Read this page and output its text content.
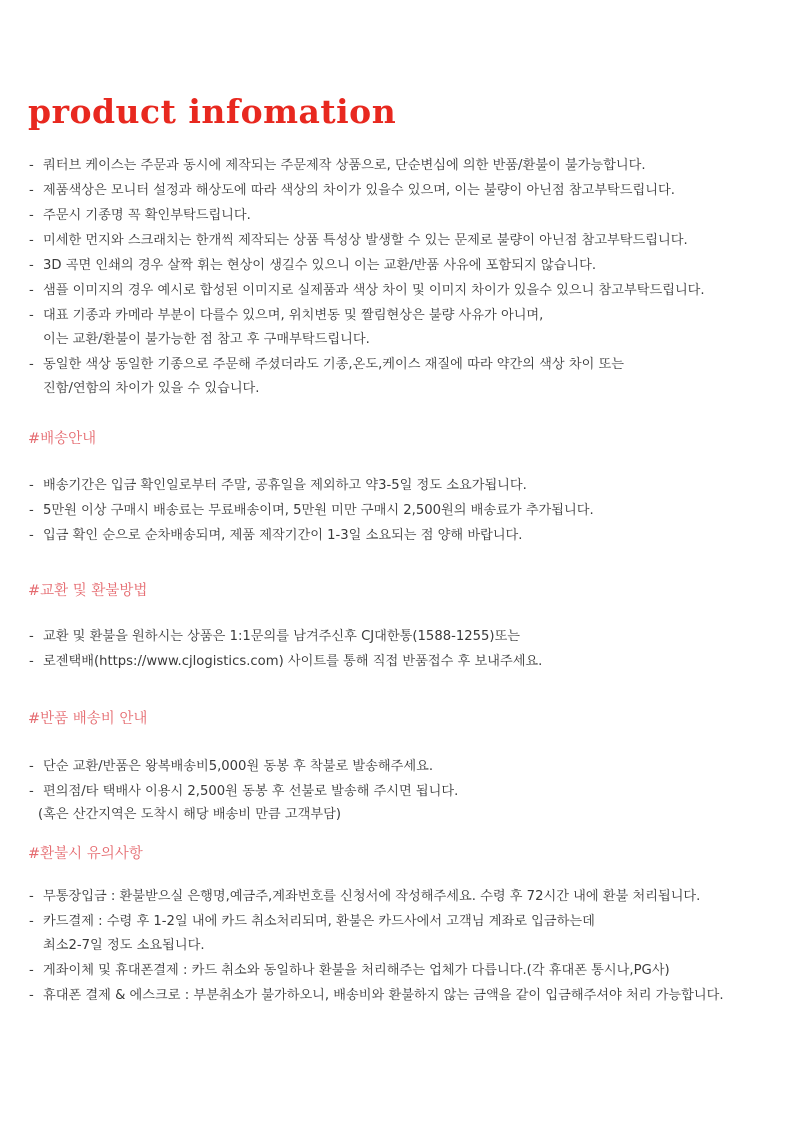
product infomation
- 쿼터브 케이스는 주문과 동시에 제작되는 주문제작 상품으로, 단순변심에 의한 반품/환불이 불가능합니다.
- 제품색상은 모니터 설정과 해상도에 따라 색상의 차이가 있을수 있으며, 이는 불량이 아닌점 참고부탁드립니다.
- 주문시 기종명 꼭 확인부탁드립니다.
- 미세한 먼지와 스크래치는 한개씩 제작되는 상품 특성상 발생할 수 있는 문제로 불량이 아닌점 참고부탁드립니다.
- 3D 곡면 인쇄의 경우 살짝 휘는 현상이 생길수 있으니 이는 교환/반품 사유에 포함되지 않습니다.
- 샘플 이미지의 경우 예시로 합성된 이미지로 실제품과 색상 차이 및 이미지 차이가 있을수 있으니 참고부탁드립니다.
- 대표 기종과 카메라 부분이 다를수 있으며, 위치변동 및 짤림현상은 불량 사유가 아니며,
이는 교환/환불이 불가능한 점 참고 후 구매부탁드립니다.
- 동일한 색상 동일한 기종으로 주문해 주셨더라도 기종,온도,케이스 재질에 따라 약간의 색상 차이 또는
진함/연함의 차이가 있을 수 있습니다.
#배송안내
- 배송기간은 입금 확인일로부터 주말, 공휴일을 제외하고 약3-5일 정도 소요가됩니다.
- 5만원 이상 구매시 배송료는 무료배송이며, 5만원 미만 구매시 2,500원의 배송료가 추가됩니다.
- 입금 확인 순으로 순차배송되며, 제품 제작기간이 1-3일 소요되는 점 양해 바랍니다.
#교환 및 환불방법
- 교환 및 환불을 원하시는 상품은 1:1문의를 남겨주신후 CJ대한통(1588-1255)또는
- 로젠택배(https://www.cjlogistics.com) 사이트를 통해 직접 반품접수 후 보내주세요.
#반품 배송비 안내
- 단순 교환/반품은 왕복배송비5,000원 동봉 후 착불로 발송해주세요.
- 편의점/타 택배사 이용시 2,500원 동봉 후 선불로 발송해 주시면 됩니다.
(혹은 산간지역은 도착시 해당 배송비 만큼 고객부담)
#환불시 유의사항
- 무통장입금 : 환불받으실 은행명,예금주,계좌번호를 신청서에 작성해주세요. 수령 후 72시간 내에 환불 처리됩니다.
- 카드결제 : 수령 후 1-2일 내에 카드 취소처리되며, 환불은 카드사에서 고객님 계좌로 입금하는데
최소2-7일 정도 소요됩니다.
- 게좌이체 및 휴대폰결제 : 카드 취소와 동일하나 환불을 처리해주는 업체가 다릅니다.(각 휴대폰 통시나,PG사)
- 휴대폰 결제 & 에스크로 : 부분취소가 불가하오니, 배송비와 환불하지 않는 금액을 같이 입금해주셔야 처리 가능합니다.
